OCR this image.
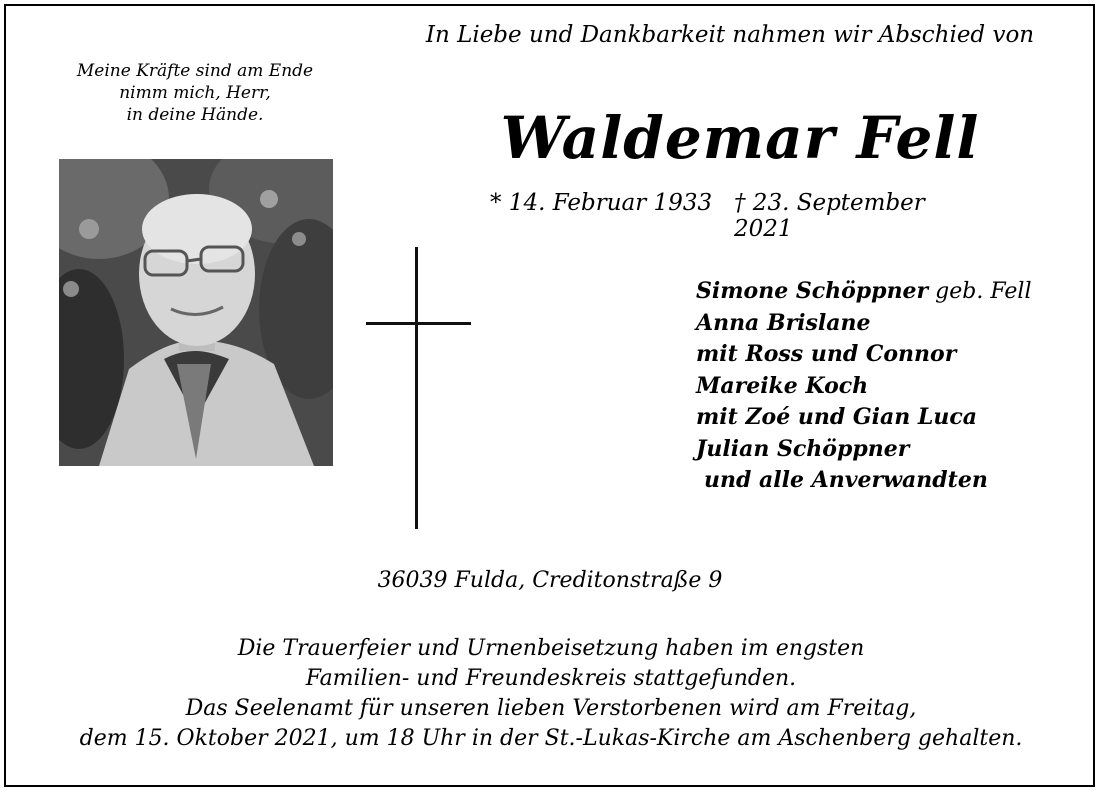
In Liebe und Dankbarkeit nahmen wir Abschied von
Meine Kräfte sind am Ende
nimm mich, Herr,
in deine Hände.	Waldemar Fell
* 14. Februar 1933 † 23. September 2021
Simone Schöppner geb. Fell
Anna Brislane
mit Ross und Connor
Mareike Koch
mit Zoé und Gian Luca
Julian Schöppner
und alle Anverwandten
36039 Fulda, Creditonstraße 9
Die Trauerfeier und Urnenbeisetzung haben im engsten
Familien- und Freundeskreis stattgefunden.
Das Seelenamt für unseren lieben Verstorbenen wird am Freitag,
dem 15. Oktober 2021, um 18 Uhr in der St.-Lukas-Kirche am Aschenberg gehalten.
